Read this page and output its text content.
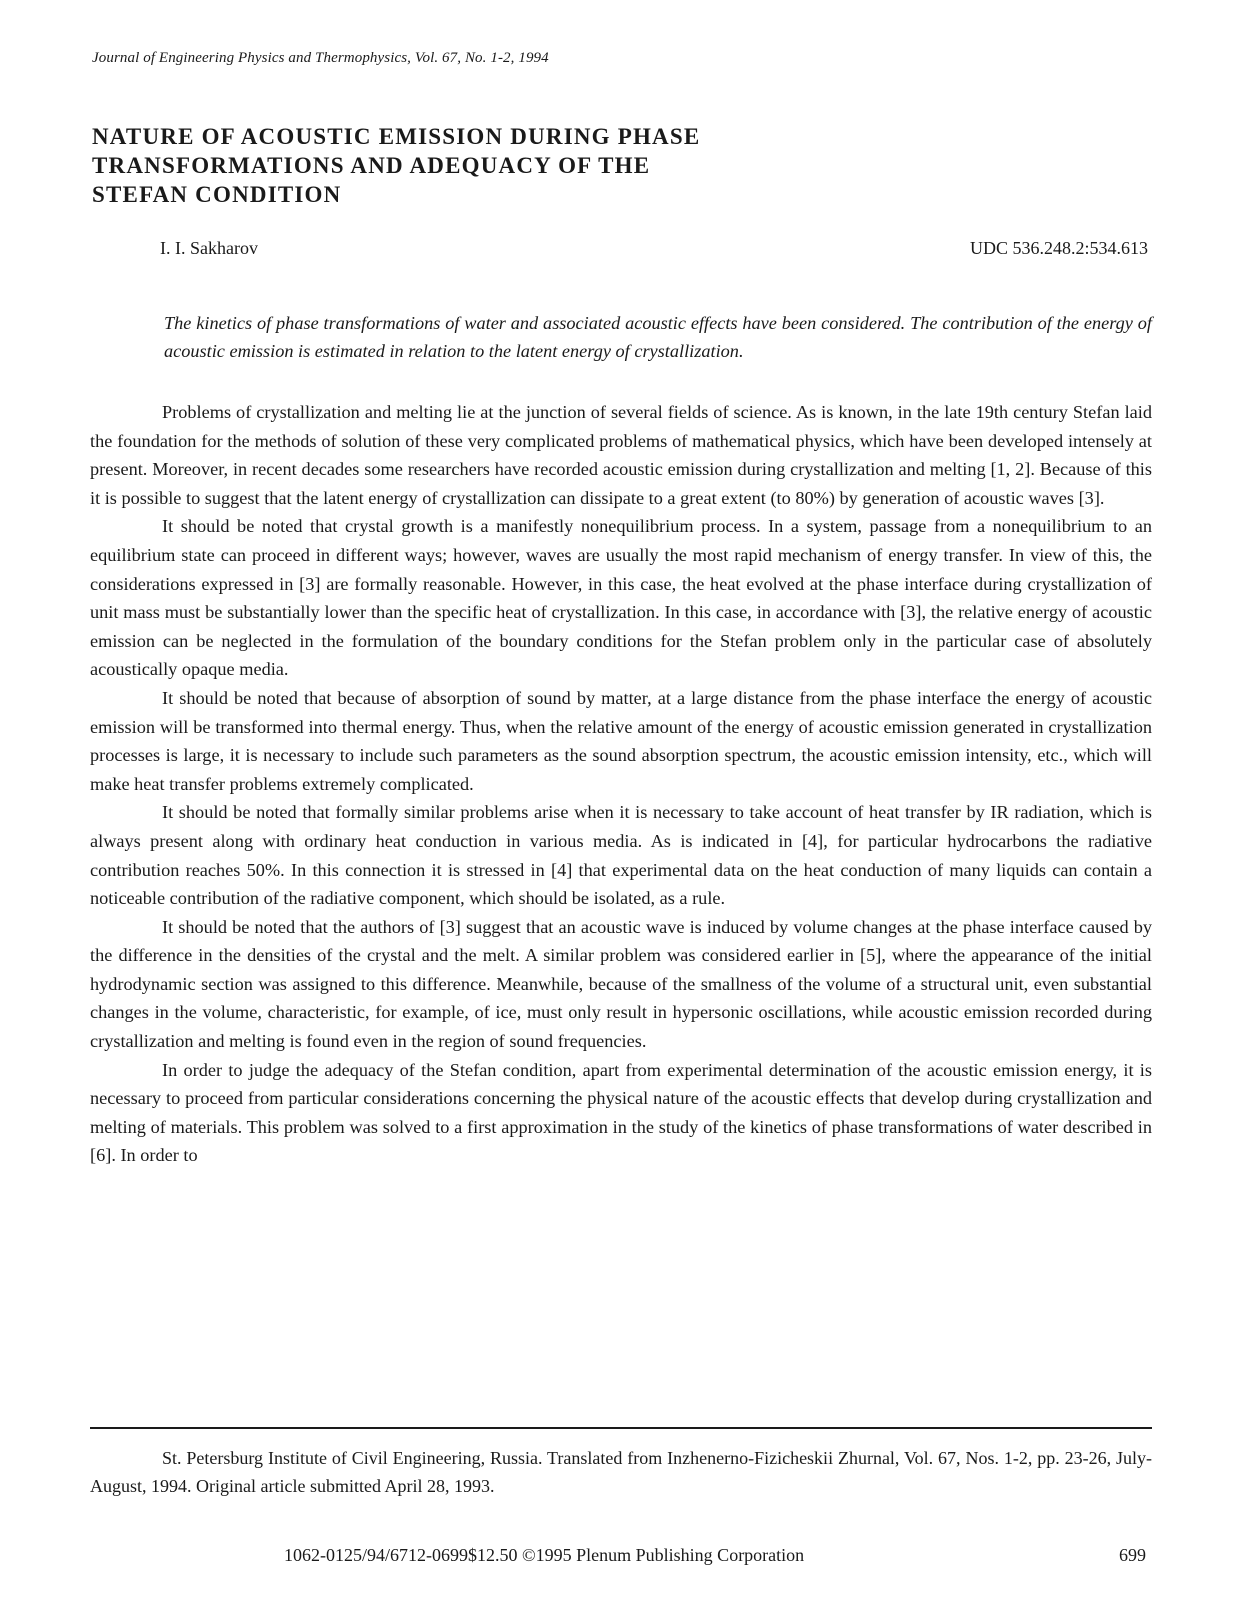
Journal of Engineering Physics and Thermophysics, Vol. 67, No. 1-2, 1994
NATURE OF ACOUSTIC EMISSION DURING PHASE
TRANSFORMATIONS AND ADEQUACY OF THE
STEFAN CONDITION
I. I. Sakharov	UDC 536.248.2:534.613

The kinetics of phase transformations of water and associated acoustic effects have been considered. The contribution of the energy of acoustic emission is estimated in relation to the latent energy of crystallization.

Problems of crystallization and melting lie at the junction of several fields of science. As is known, in the late 19th century Stefan laid the foundation for the methods of solution of these very complicated problems of mathematical physics, which have been developed intensely at present. Moreover, in recent decades some researchers have recorded acoustic emission during crystallization and melting [1, 2]. Because of this it is possible to suggest that the latent energy of crystallization can dissipate to a great extent (to 80%) by generation of acoustic waves [3].

It should be noted that crystal growth is a manifestly nonequilibrium process. In a system, passage from a nonequilibrium to an equilibrium state can proceed in different ways; however, waves are usually the most rapid mechanism of energy transfer. In view of this, the considerations expressed in [3] are formally reasonable. However, in this case, the heat evolved at the phase interface during crystallization of unit mass must be substantially lower than the specific heat of crystallization. In this case, in accordance with [3], the relative energy of acoustic emission can be neglected in the formulation of the boundary conditions for the Stefan problem only in the particular case of absolutely acoustically opaque media.

It should be noted that because of absorption of sound by matter, at a large distance from the phase interface the energy of acoustic emission will be transformed into thermal energy. Thus, when the relative amount of the energy of acoustic emission generated in crystallization processes is large, it is necessary to include such parameters as the sound absorption spectrum, the acoustic emission intensity, etc., which will make heat transfer problems extremely complicated.

It should be noted that formally similar problems arise when it is necessary to take account of heat transfer by IR radiation, which is always present along with ordinary heat conduction in various media. As is indicated in [4], for particular hydrocarbons the radiative contribution reaches 50%. In this connection it is stressed in [4] that experimental data on the heat conduction of many liquids can contain a noticeable contribution of the radiative component, which should be isolated, as a rule.

It should be noted that the authors of [3] suggest that an acoustic wave is induced by volume changes at the phase interface caused by the difference in the densities of the crystal and the melt. A similar problem was considered earlier in [5], where the appearance of the initial hydrodynamic section was assigned to this difference. Meanwhile, because of the smallness of the volume of a structural unit, even substantial changes in the volume, characteristic, for example, of ice, must only result in hypersonic oscillations, while acoustic emission recorded during crystallization and melting is found even in the region of sound frequencies.

In order to judge the adequacy of the Stefan condition, apart from experimental determination of the acoustic emission energy, it is necessary to proceed from particular considerations concerning the physical nature of the acoustic effects that develop during crystallization and melting of materials. This problem was solved to a first approximation in the study of the kinetics of phase transformations of water described in [6]. In order to

St. Petersburg Institute of Civil Engineering, Russia. Translated from Inzhenerno-Fizicheskii Zhurnal, Vol. 67, Nos. 1-2, pp. 23-26, July-August, 1994. Original article submitted April 28, 1993.

1062-0125/94/6712-0699$12.50 ©1995 Plenum Publishing Corporation	699
